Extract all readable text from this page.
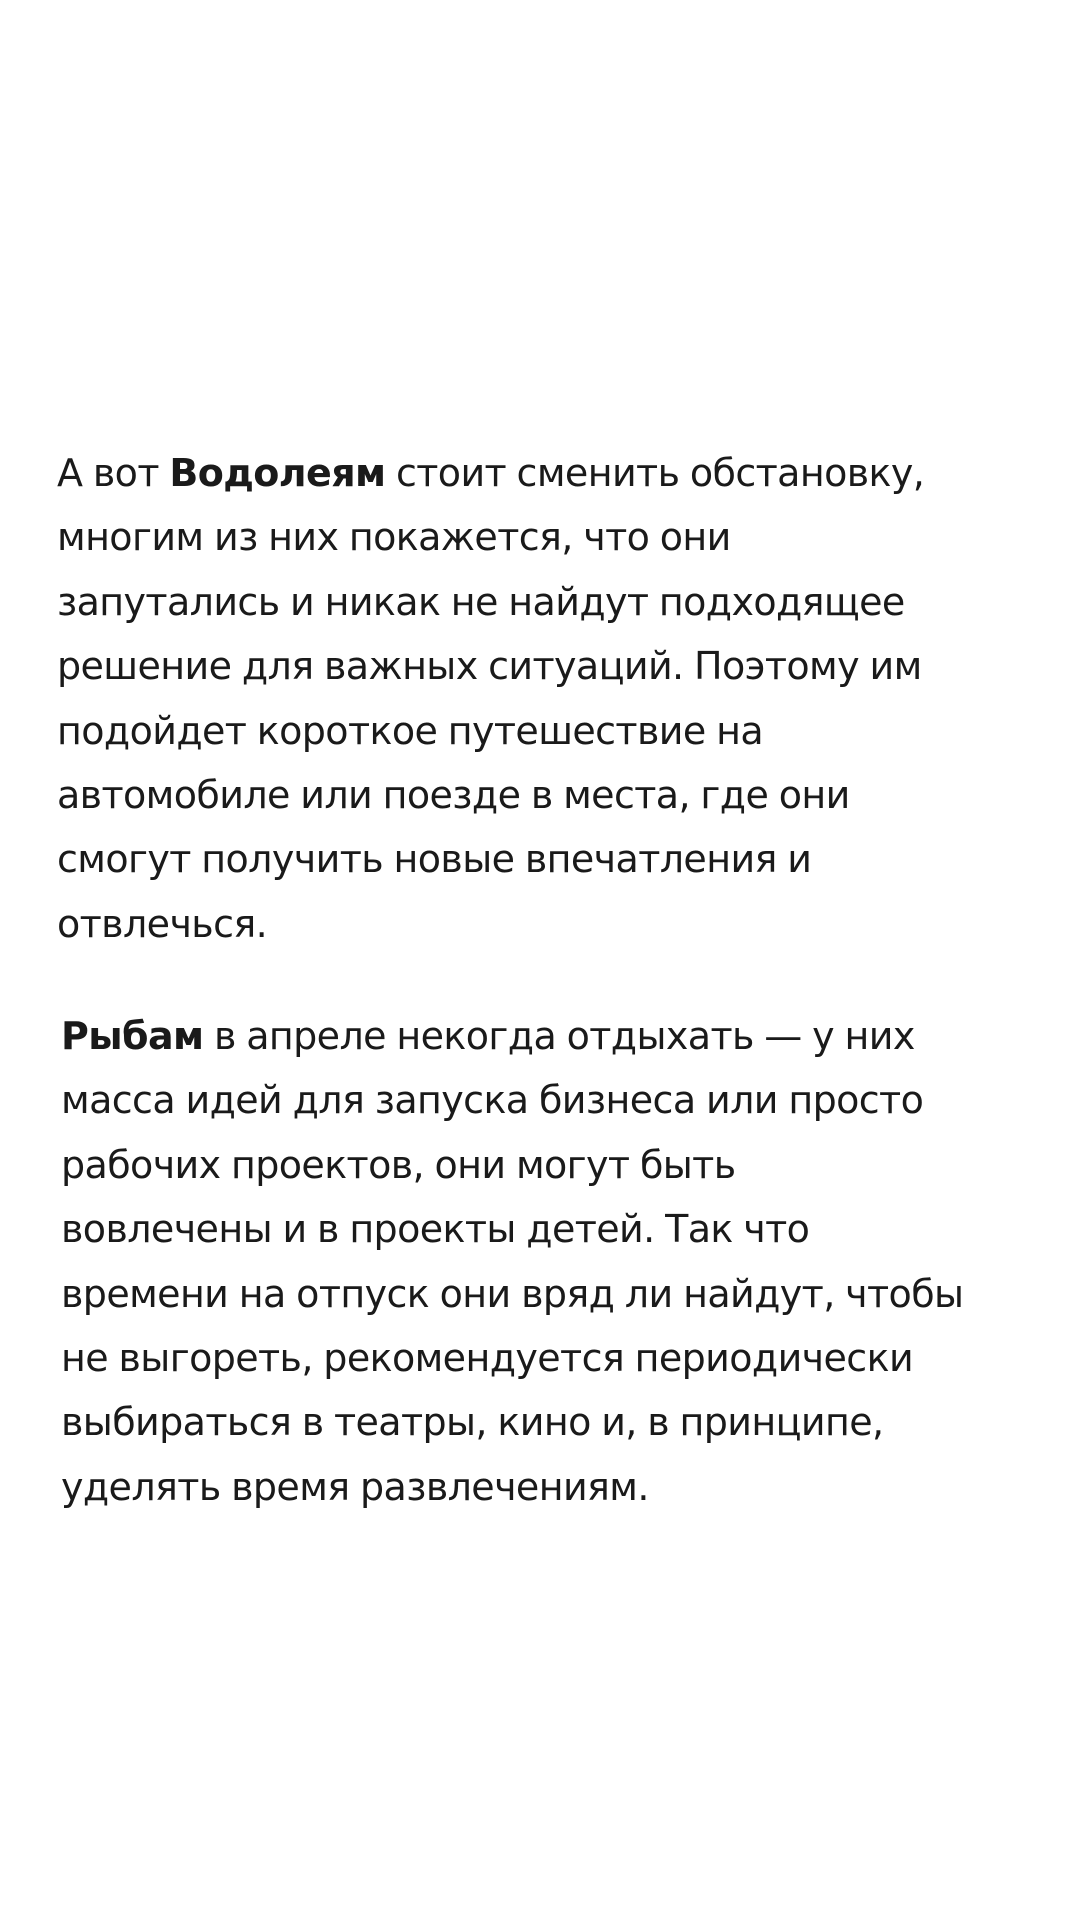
А вот Водолеям стоит сменить обстановку,
многим из них покажется, что они
запутались и никак не найдут подходящее
решение для важных ситуаций. Поэтому им
подойдет короткое путешествие на
автомобиле или поезде в места, где они
смогут получить новые впечатления и
отвлечься.

Рыбам в апреле некогда отдыхать — у них
масса идей для запуска бизнеса или просто
рабочих проектов, они могут быть
вовлечены и в проекты детей. Так что
времени на отпуск они вряд ли найдут, чтобы
не выгореть, рекомендуется периодически
выбираться в театры, кино и, в принципе,
уделять время развлечениям.
